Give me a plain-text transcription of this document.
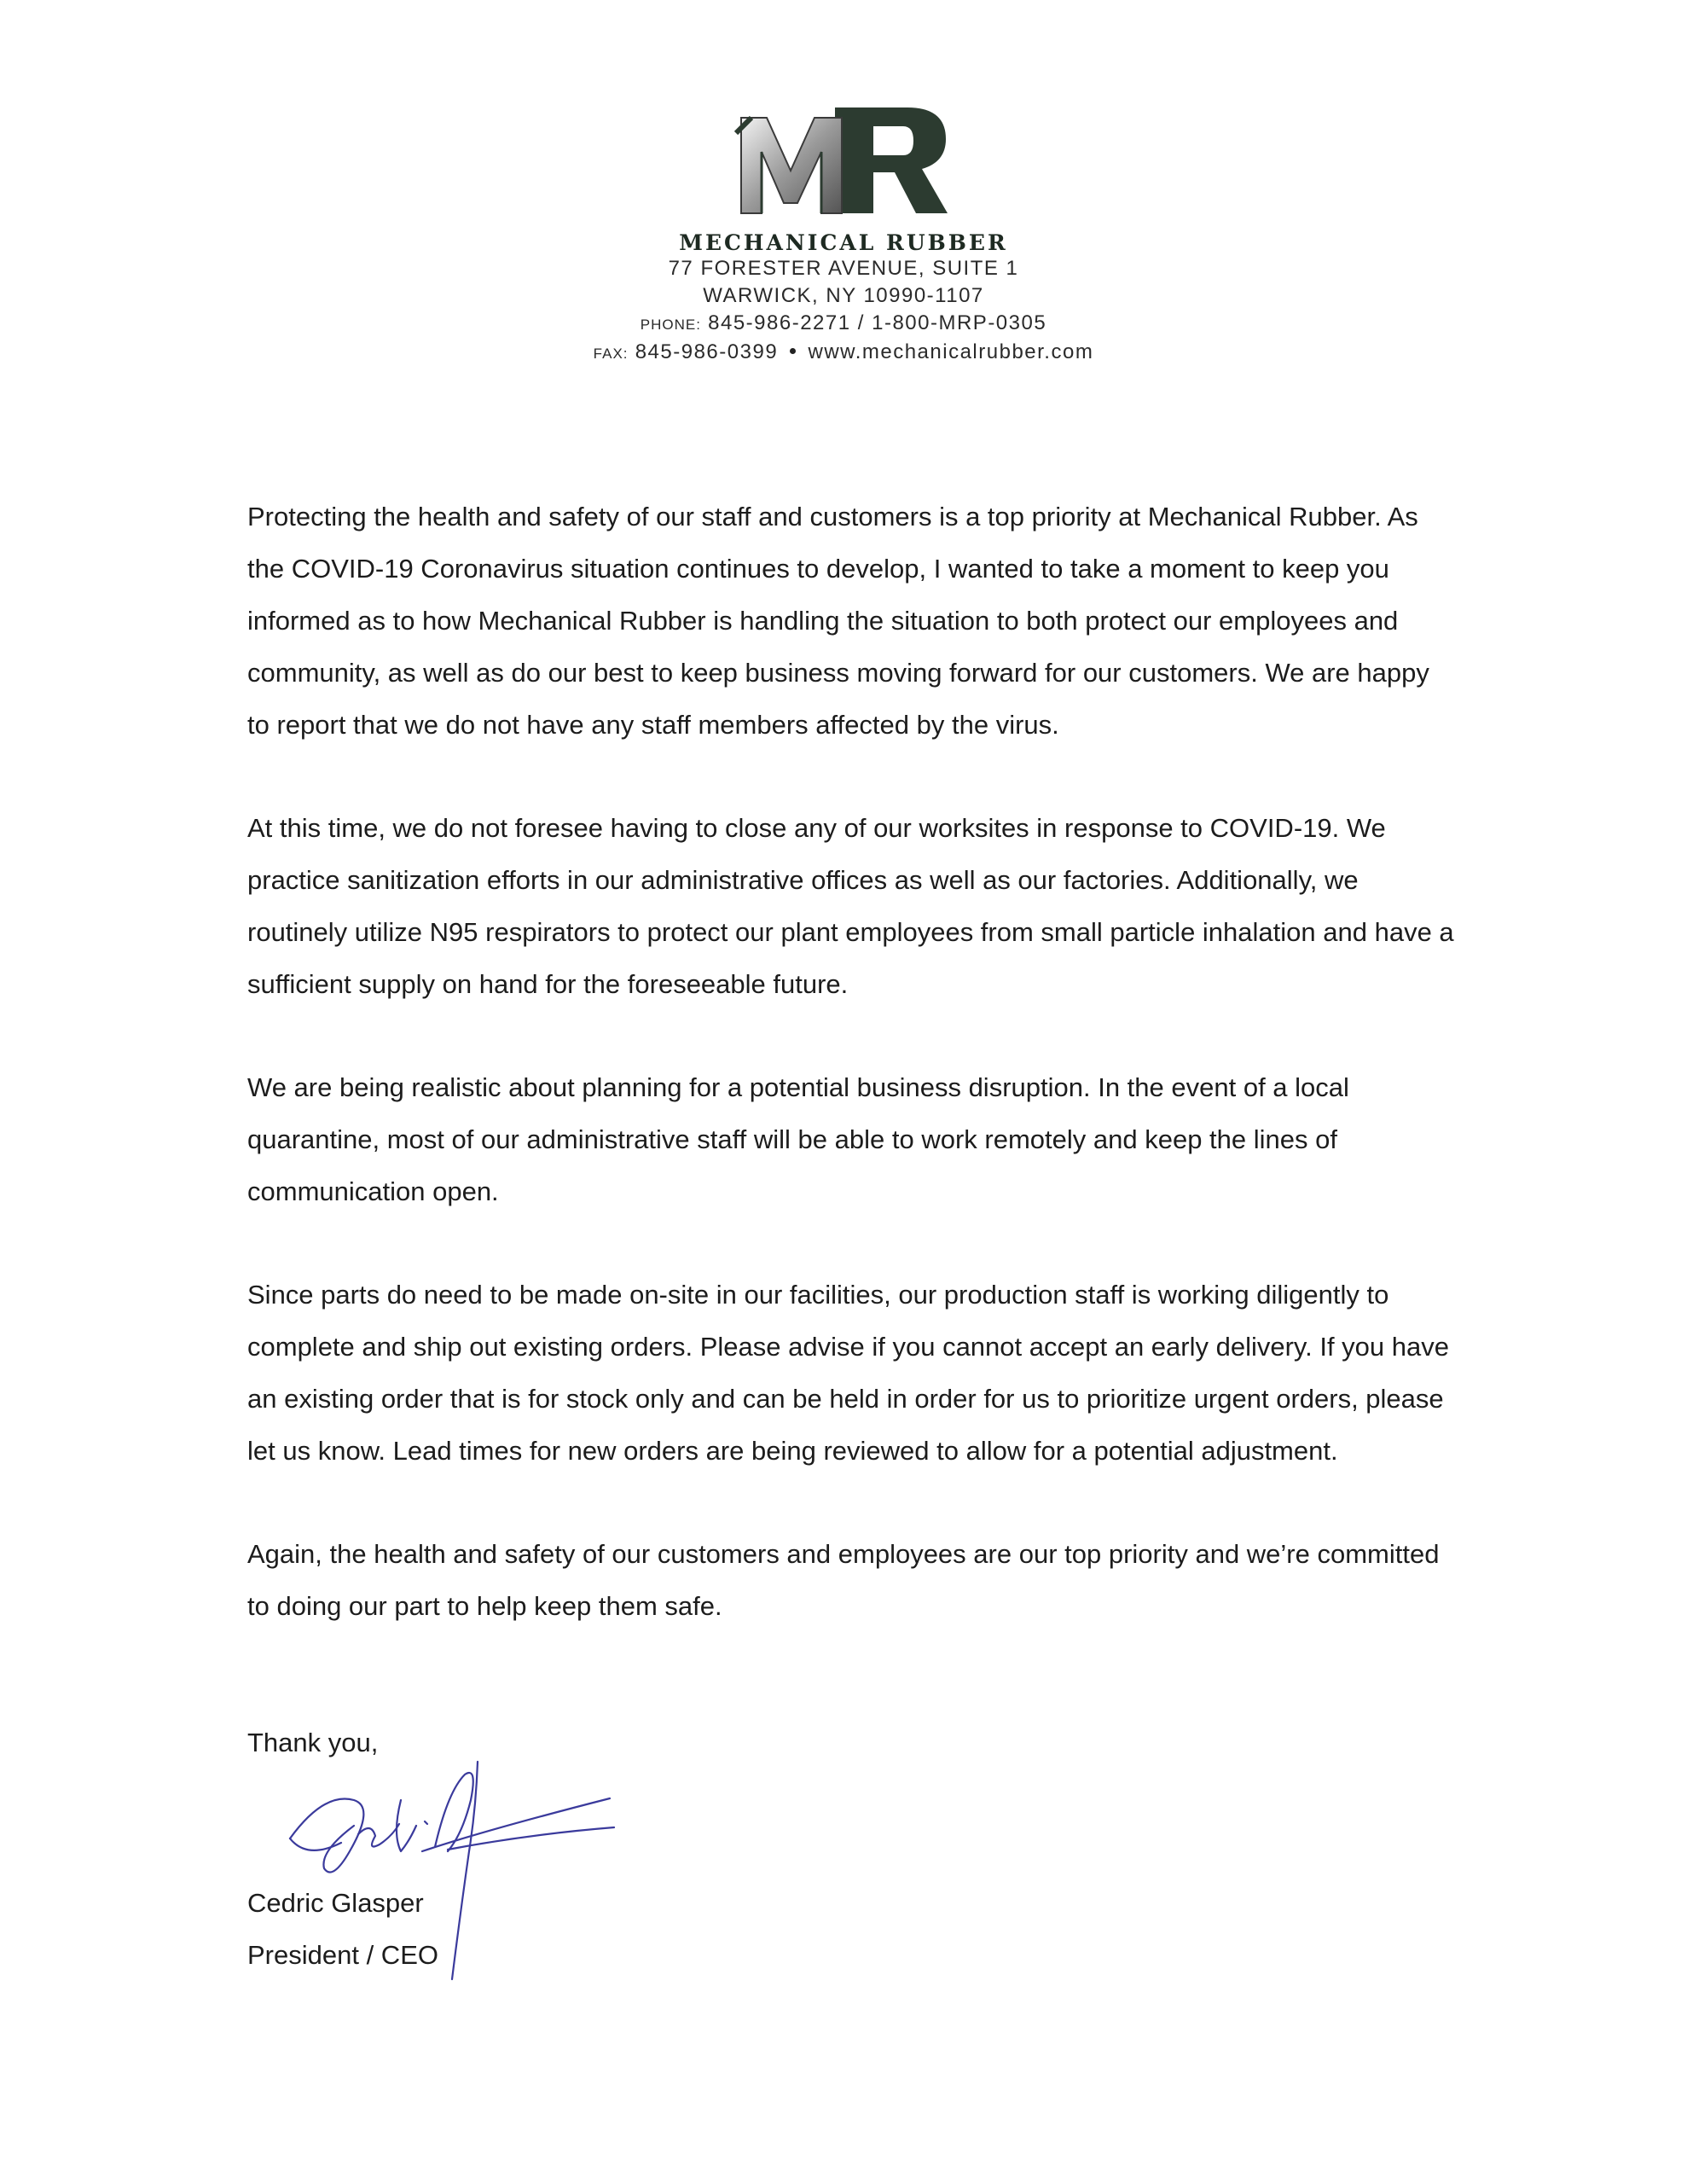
MECHANICAL RUBBER
77 FORESTER AVENUE, SUITE 1
WARWICK, NY 10990-1107
PHONE: 845-986-2271 / 1-800-MRP-0305
FAX: 845-986-0399 www.mechanicalrubber.com

Protecting the health and safety of our staff and customers is a top priority at Mechanical Rubber. As the COVID-19 Coronavirus situation continues to develop, I wanted to take a moment to keep you informed as to how Mechanical Rubber is handling the situation to both protect our employees and community, as well as do our best to keep business moving forward for our customers. We are happy to report that we do not have any staff members affected by the virus.

At this time, we do not foresee having to close any of our worksites in response to COVID-19. We practice sanitization efforts in our administrative offices as well as our factories. Additionally, we routinely utilize N95 respirators to protect our plant employees from small particle inhalation and have a sufficient supply on hand for the foreseeable future.

We are being realistic about planning for a potential business disruption. In the event of a local quarantine, most of our administrative staff will be able to work remotely and keep the lines of communication open.

Since parts do need to be made on-site in our facilities, our production staff is working diligently to complete and ship out existing orders. Please advise if you cannot accept an early delivery. If you have an existing order that is for stock only and can be held in order for us to prioritize urgent orders, please let us know. Lead times for new orders are being reviewed to allow for a potential adjustment.

Again, the health and safety of our customers and employees are our top priority and we’re committed to doing our part to help keep them safe.

Thank you,
Cedric Glasper
President / CEO
